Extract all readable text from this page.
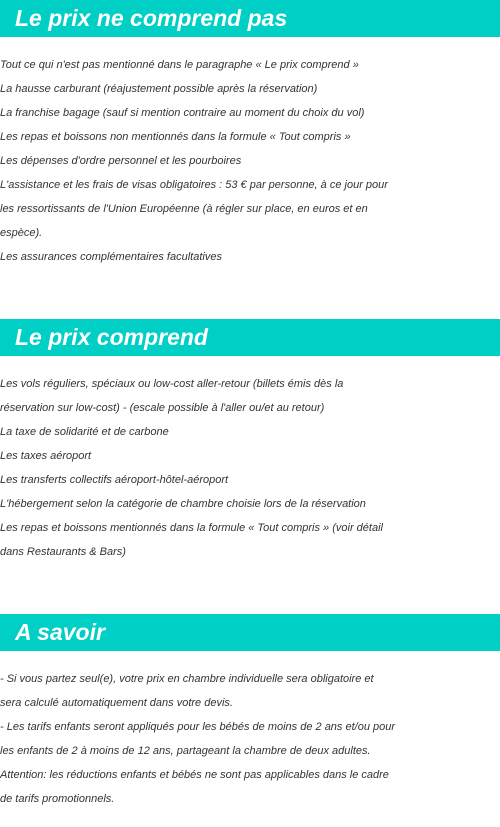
Le prix ne comprend pas
Tout ce qui n'est pas mentionné dans le paragraphe « Le prix comprend »
La hausse carburant (réajustement possible après la réservation)
La franchise bagage (sauf si mention contraire au moment du choix du vol)
Les repas et boissons non mentionnés dans la formule « Tout compris »
Les dépenses d'ordre personnel et les pourboires
L'assistance et les frais de visas obligatoires : 53 € par personne, à ce jour pour
les ressortissants de l'Union Européenne (à régler sur place, en euros et en
espèce).
Les assurances complémentaires facultatives
Le prix comprend
Les vols réguliers, spéciaux ou low-cost aller-retour (billets émis dès la
réservation sur low-cost) - (escale possible à l'aller ou/et au retour)
La taxe de solidarité et de carbone
Les taxes aéroport
Les transferts collectifs aéroport-hôtel-aéroport
L'hébergement selon la catégorie de chambre choisie lors de la réservation
Les repas et boissons mentionnés dans la formule « Tout compris » (voir détail
dans Restaurants & Bars)
A savoir
- Si vous partez seul(e), votre prix en chambre individuelle sera obligatoire et
sera calculé automatiquement dans votre devis.
- Les tarifs enfants seront appliqués pour les bébés de moins de 2 ans et/ou pour
les enfants de 2 à moins de 12 ans, partageant la chambre de deux adultes.
Attention: les réductions enfants et bébés ne sont pas applicables dans le cadre
de tarifs promotionnels.
